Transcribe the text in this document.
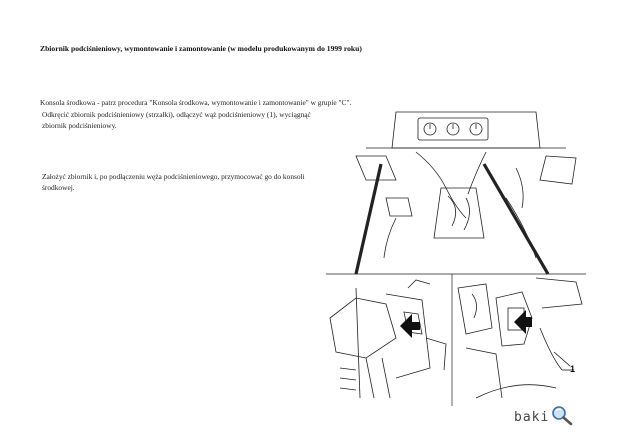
Zbiornik podciśnieniowy, wymontowanie i zamontowanie (w modelu produkowanym do 1999 roku)
Konsola środkowa - patrz procedura "Konsola środkowa, wymontowanie i zamontowanie" w grupie "C".
Odkręcić zbiornik podciśnieniowy (strzałki), odłączyć wąż podciśnieniowy (1), wyciągnąć zbiornik podciśnieniowy.
Założyć zbiornik i, po podłączeniu węża podciśnieniowego, przymocować go do konsoli środkowej.
1
baki
